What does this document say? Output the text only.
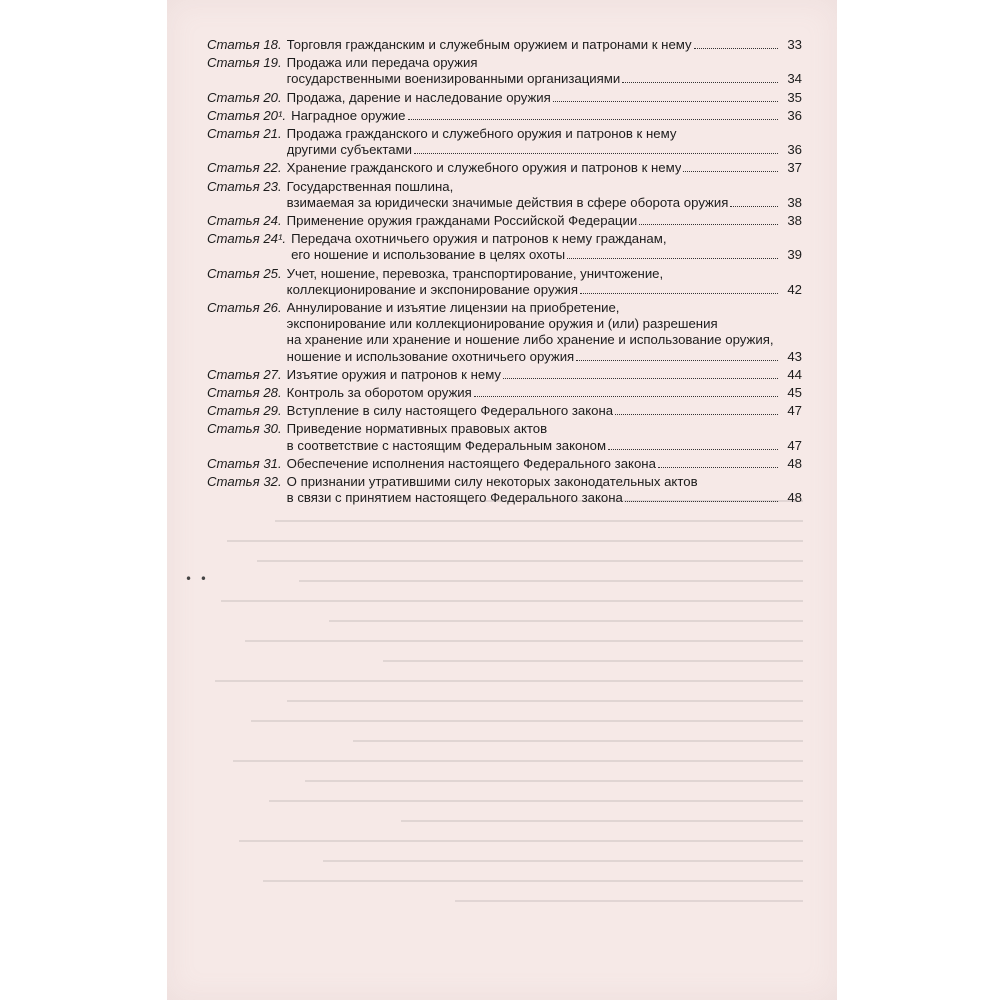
• •
Статья 18. Торговля гражданским и служебным оружием и патронами к нему	33
Статья 19. Продажа или передача оружия
государственными военизированными организациями	34
Статья 20. Продажа, дарение и наследование оружия	35
Статья 20¹. Наградное оружие	36
Статья 21. Продажа гражданского и служебного оружия и патронов к нему
другими субъектами	36
Статья 22. Хранение гражданского и служебного оружия и патронов к нему	37
Статья 23. Государственная пошлина,
взимаемая за юридически значимые действия в сфере оборота оружия	38
Статья 24. Применение оружия гражданами Российской Федерации	38
Статья 24¹. Передача охотничьего оружия и патронов к нему гражданам,
его ношение и использование в целях охоты	39
Статья 25. Учет, ношение, перевозка, транспортирование, уничтожение,
коллекционирование и экспонирование оружия	42
Статья 26. Аннулирование и изъятие лицензии на приобретение,
экспонирование или коллекционирование оружия и (или) разрешения
на хранение или хранение и ношение либо хранение и использование оружия,
ношение и использование охотничьего оружия	43
Статья 27. Изъятие оружия и патронов к нему	44
Статья 28. Контроль за оборотом оружия	45
Статья 29. Вступление в силу настоящего Федерального закона	47
Статья 30. Приведение нормативных правовых актов
в соответствие с настоящим Федеральным законом	47
Статья 31. Обеспечение исполнения настоящего Федерального закона	48
Статья 32. О признании утратившими силу некоторых законодательных актов
в связи с принятием настоящего Федерального закона	48
